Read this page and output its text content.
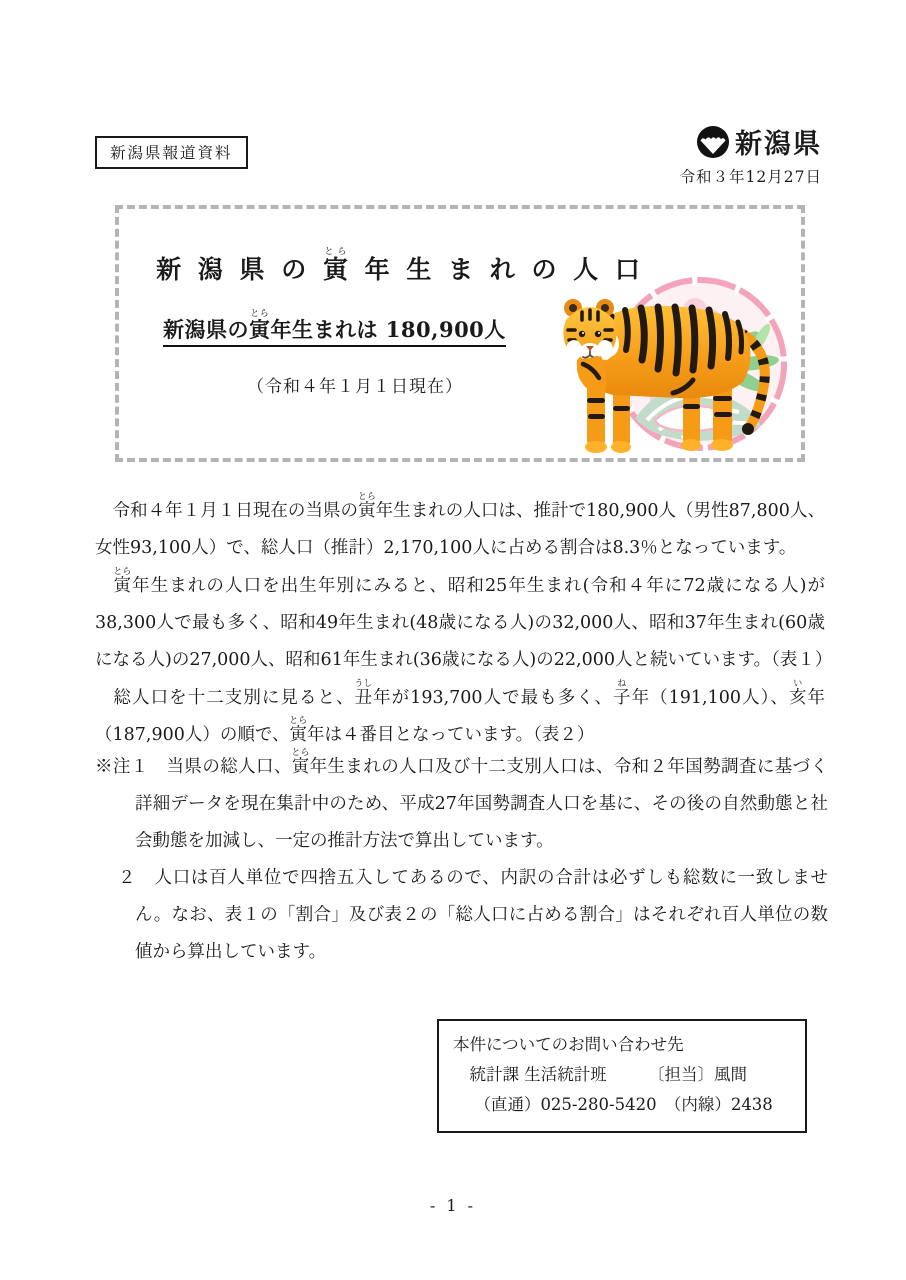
新潟県報道資料	新潟県
令和３年12月27日
新 潟 県 の 寅とら 年 生 ま れ の 人 口
新潟県の寅とら年生まれは 180,900人
（令和４年１月１日現在）

　令和４年１月１日現在の当県の寅とら年生まれの人口は、推計で180,900人（男性87,800人、女性93,100人）で、総人口（推計）2,170,100人に占める割合は8.3％となっています。

　寅とら年生まれの人口を出生年別にみると、昭和25年生まれ(令和４年に72歳になる人)が38,300人で最も多く、昭和49年生まれ(48歳になる人)の32,000人、昭和37年生まれ(60歳になる人)の27,000人、昭和61年生まれ(36歳になる人)の22,000人と続いています。（表１）

　総人口を十二支別に見ると、丑うし年が193,700人で最も多く、子ね年（191,100人）、亥い年（187,900人）の順で、寅とら年は４番目となっています。（表２）

※注１　当県の総人口、寅とら年生まれの人口及び十二支別人口は、令和２年国勢調査に基づく詳細データを現在集計中のため、平成27年国勢調査人口を基に、その後の自然動態と社会動態を加減し、一定の推計方法で算出しています。

２　人口は百人単位で四捨五入してあるので、内訳の合計は必ずしも総数に一致しません。なお、表１の「割合」及び表２の「総人口に占める割合」はそれぞれ百人単位の数値から算出しています。

本件についてのお問い合わせ先
統計課 生活統計班　　　〔担当〕風間
（直通）025-280-5420　（内線）2438
- 1 -
